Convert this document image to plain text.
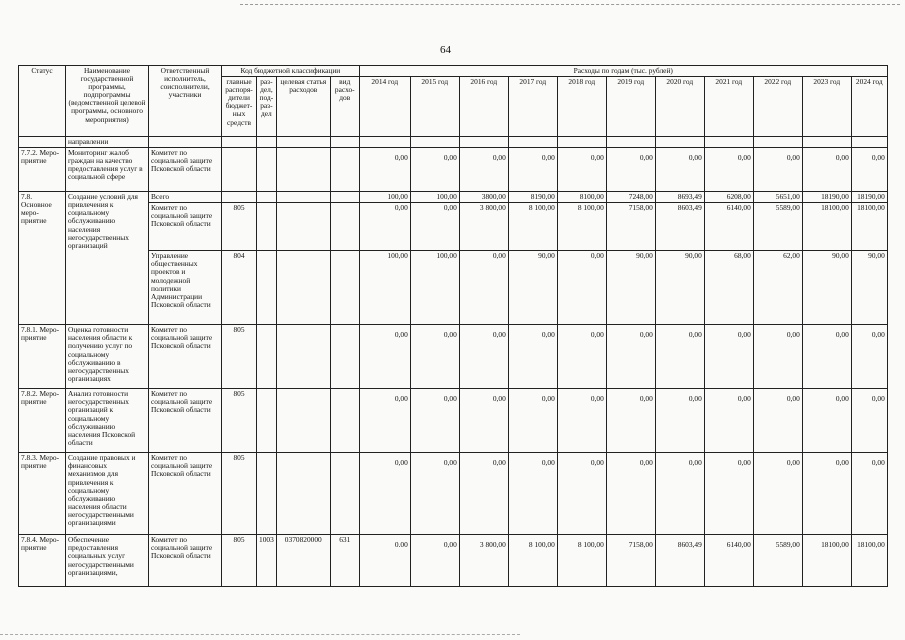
64
Статус	Наименование государственной программы, подпрограммы (ведомственной целевой программы, основного мероприятия)	Ответственный исполнитель, соисполнители, участники	Код бюджетной классификации				Расходы по годам (тыс. рублей)										
			главные распоря-дители бюджет-ных средств	раз-дел, под-раз-дел	целевая статья расходов	вид расхо-дов	2014 год	2015 год	2016 год	2017 год	2018 год	2019 год	2020 год	2021 год	2022 год	2023 год	2024 год
	направлении																
7.7.2. Меро-приятие	Мониторинг жалоб граждан на качество предоставления услуг в социальной сфере	Комитет по социальной защите Псковской области					0,00	0,00	0,00	0,00	0,00	0,00	0,00	0,00	0,00	0,00	0,00
7.8. Основное меро-приятие	Создание условий для привлечения к социальному обслуживанию населения негосударственных организаций	Всего					100,00	100,00	3800,00	8190,00	8100,00	7248,00	8693,49	6208,00	5651,00	18190,00	18190,00
		Комитет по социальной защите Псковской области	805				0,00	0,00	3 800,00	8 100,00	8 100,00	7158,00	8603,49	6140,00	5589,00	18100,00	18100,00
		Управление общественных проектов и молодежной политики Администрации Псковской области	804				100,00	100,00	0,00	90,00	0,00	90,00	90,00	68,00	62,00	90,00	90,00
7.8.1. Меро-приятие	Оценка готовности населения области к получению услуг по социальному обслуживанию в негосударственных организациях	Комитет по социальной защите Псковской области	805				0,00	0,00	0,00	0,00	0,00	0,00	0,00	0,00	0,00	0,00	0,00
7.8.2. Меро-приятие	Анализ готовности негосударственных организаций к социальному обслуживанию населения Псковской области	Комитет по социальной защите Псковской области	805				0,00	0,00	0,00	0,00	0,00	0,00	0,00	0,00	0,00	0,00	0,00
7.8.3. Меро-приятие	Создание правовых и финансовых механизмов для привлечения к социальному обслуживанию населения области негосударственными организациями	Комитет по социальной защите Псковской области	805				0,00	0,00	0,00	0,00	0,00	0,00	0,00	0,00	0,00	0,00	0,00
7.8.4. Меро-приятие	Обеспечение предоставления социальных услуг негосударственными организациями,	Комитет по социальной защите Псковской области	805	1003	0370820000	631	0.00	0,00	3 800,00	8 100,00	8 100,00	7158,00	8603,49	6140,00	5589,00	18100,00	18100,00
